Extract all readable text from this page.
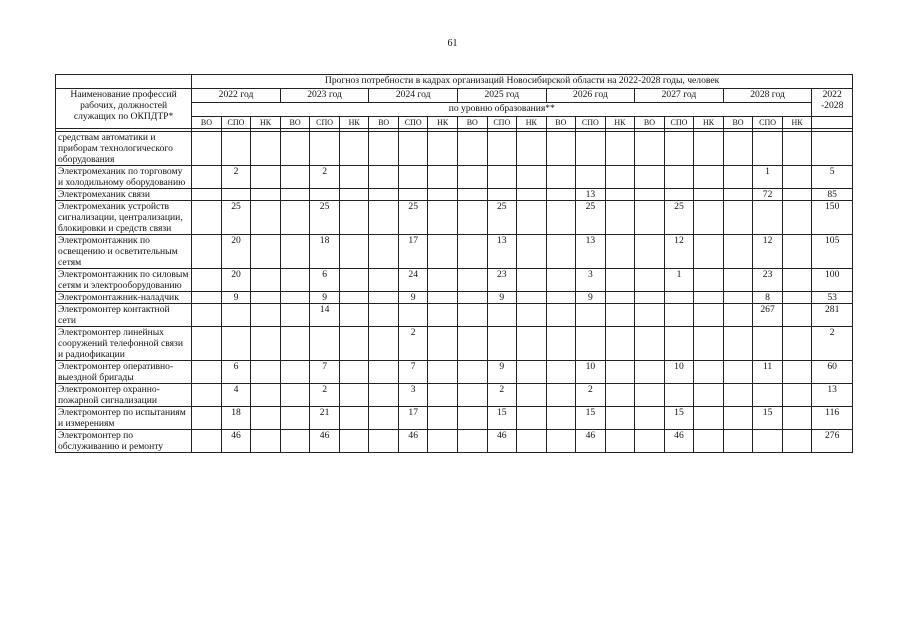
61
	Прогноз потребности в кадрах организаций Новосибирской области на 2022-2028 годы, человек																					
Наименование профессий рабочих, должностей служащих по ОКПДТР*	2022 год			2023 год			2024 год			2025 год			2026 год			2027 год			2028 год			2022 -2028
	по уровню образования**																					
	ВО	СПО	НК	ВО	СПО	НК	ВО	СПО	НК	ВО	СПО	НК	ВО	СПО	НК	ВО	СПО	НК	ВО	СПО	НК	

средствам автоматики и приборам технологического оборудования																						
Электромеханик по торговому и холодильному оборудованию		2			2															1		5
Электромеханик связи														13						72		85
Электромеханик устройств сигнализации, централизации, блокировки и средств связи		25			25			25			25			25			25					150
Электромонтажник по освещению и осветительным сетям		20			18			17			13			13			12			12		105
Электромонтажник по силовым сетям и электрооборудованию		20			6			24			23			3			1			23		100
Электромонтажник-наладчик		9			9			9			9			9						8		53
Электромонтер контактной сети					14															267		281
Электромонтер линейных сооружений телефонной связи и радиофикации								2														2
Электромонтер оперативно-выездной бригады		6			7			7			9			10			10			11		60
Электромонтер охранно-пожарной сигнализации		4			2			3			2			2								13
Электромонтер по испытаниям и измерениям		18			21			17			15			15			15			15		116
Электромонтер по обслуживанию и ремонту		46			46			46			46			46			46					276
